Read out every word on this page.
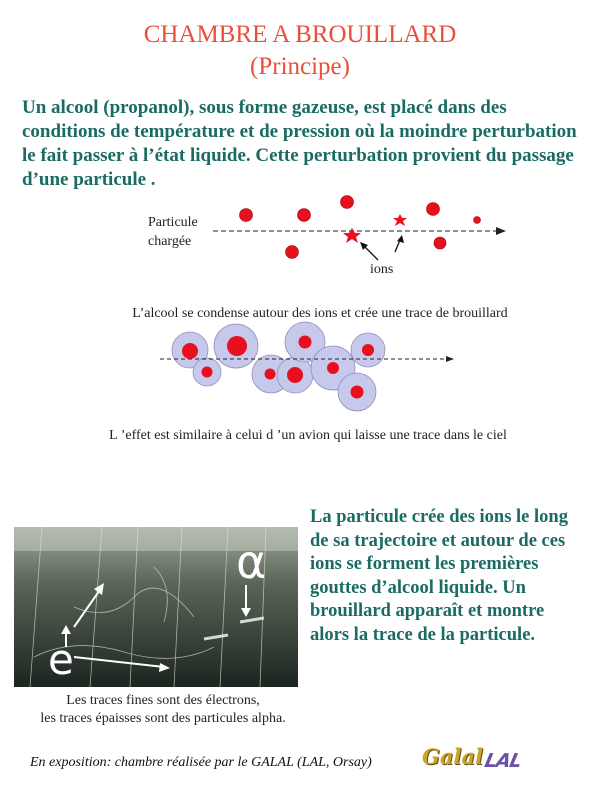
CHAMBRE A BROUILLARD
(Principe)
Un alcool (propanol), sous forme gazeuse, est placé dans des conditions de température et de pression où la moindre perturbation le fait passer à l’état liquide. Cette perturbation provient du passage d’une particule .
Particule
chargée
ions
L’alcool se condense autour des ions et crée une trace de brouillard
L ’effet est similaire à celui d ’un avion qui laisse une trace dans le ciel
α
e
Les traces fines sont des électrons,
les traces épaisses sont des particules alpha.
La particule crée des ions le long de sa trajectoire et autour de ces ions se forment les premières gouttes d’alcool liquide. Un brouillard apparaît et montre alors la trace de la particule.
En exposition: chambre réalisée par le GALAL (LAL, Orsay) Galal LAL
